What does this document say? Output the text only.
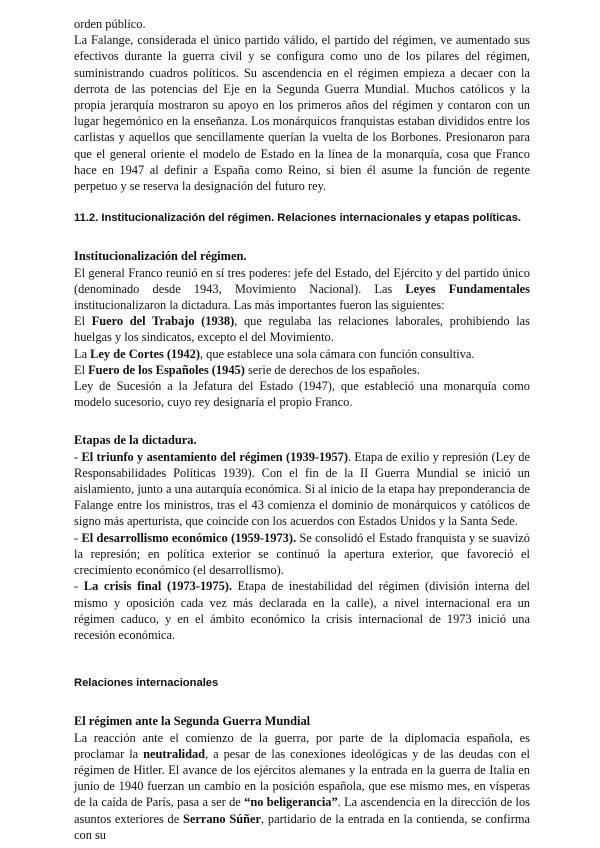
orden público.

La Falange, considerada el único partido válido, el partido del régimen, ve aumentado sus efectivos durante la guerra civil y se configura como uno de los pilares del régimen, suministrando cuadros políticos. Su ascendencia en el régimen empieza a decaer con la derrota de las potencias del Eje en la Segunda Guerra Mundial. Muchos católicos y la propia jerarquía mostraron su apoyo en los primeros años del régimen y contaron con un lugar hegemónico en la enseñanza. Los monárquicos franquistas estaban divididos entre los carlistas y aquellos que sencillamente querían la vuelta de los Borbones. Presionaron para que el general oriente el modelo de Estado en la línea de la monarquía, cosa que Franco hace en 1947 al definir a España como Reino, si bien él asume la función de regente perpetuo y se reserva la designación del futuro rey.

11.2. Institucionalización del régimen. Relaciones internacionales y etapas políticas.

Institucionalización del régimen.

El general Franco reunió en sí tres poderes: jefe del Estado, del Ejército y del partido único (denominado desde 1943, Movimiento Nacional). Las Leyes Fundamentales institucionalizaron la dictadura. Las más importantes fueron las siguientes:

El Fuero del Trabajo (1938), que regulaba las relaciones laborales, prohibiendo las huelgas y los sindicatos, excepto el del Movimiento.

La Ley de Cortes (1942), que establece una sola cámara con función consultiva.

El Fuero de los Españoles (1945) serie de derechos de los españoles.

Ley de Sucesión a la Jefatura del Estado (1947), que estableció una monarquía como modelo sucesorio, cuyo rey designaría el propio Franco.

Etapas de la dictadura.

- El triunfo y asentamiento del régimen (1939-1957). Etapa de exilio y represión (Ley de Responsabilidades Políticas 1939). Con el fin de la II Guerra Mundial se inició un aislamiento, junto a una autarquía económica. Si al inicio de la etapa hay preponderancia de Falange entre los ministros, tras el 43 comienza el dominio de monárquicos y católicos de signo más aperturista, que coincide con los acuerdos con Estados Unidos y la Santa Sede.

- El desarrollismo económico (1959-1973). Se consolidó el Estado franquista y se suavizó la represión; en política exterior se continuó la apertura exterior, que favoreció el crecimiento económico (el desarrollismo).

- La crisis final (1973-1975). Etapa de inestabilidad del régimen (división interna del mismo y oposición cada vez más declarada en la calle), a nivel internacional era un régimen caduco, y en el ámbito económico la crisis internacional de 1973 inició una recesión económica.

Relaciones internacionales

El régimen ante la Segunda Guerra Mundial

La reacción ante el comienzo de la guerra, por parte de la diplomacia española, es proclamar la neutralidad, a pesar de las conexiones ideológicas y de las deudas con el régimen de Hitler. El avance de los ejércitos alemanes y la entrada en la guerra de Italia en junio de 1940 fuerzan un cambio en la posición española, que ese mismo mes, en vísperas de la caída de París, pasa a ser de “no beligerancia”. La ascendencia en la dirección de los asuntos exteriores de Serrano Súñer, partidario de la entrada en la contienda, se confirma con su
